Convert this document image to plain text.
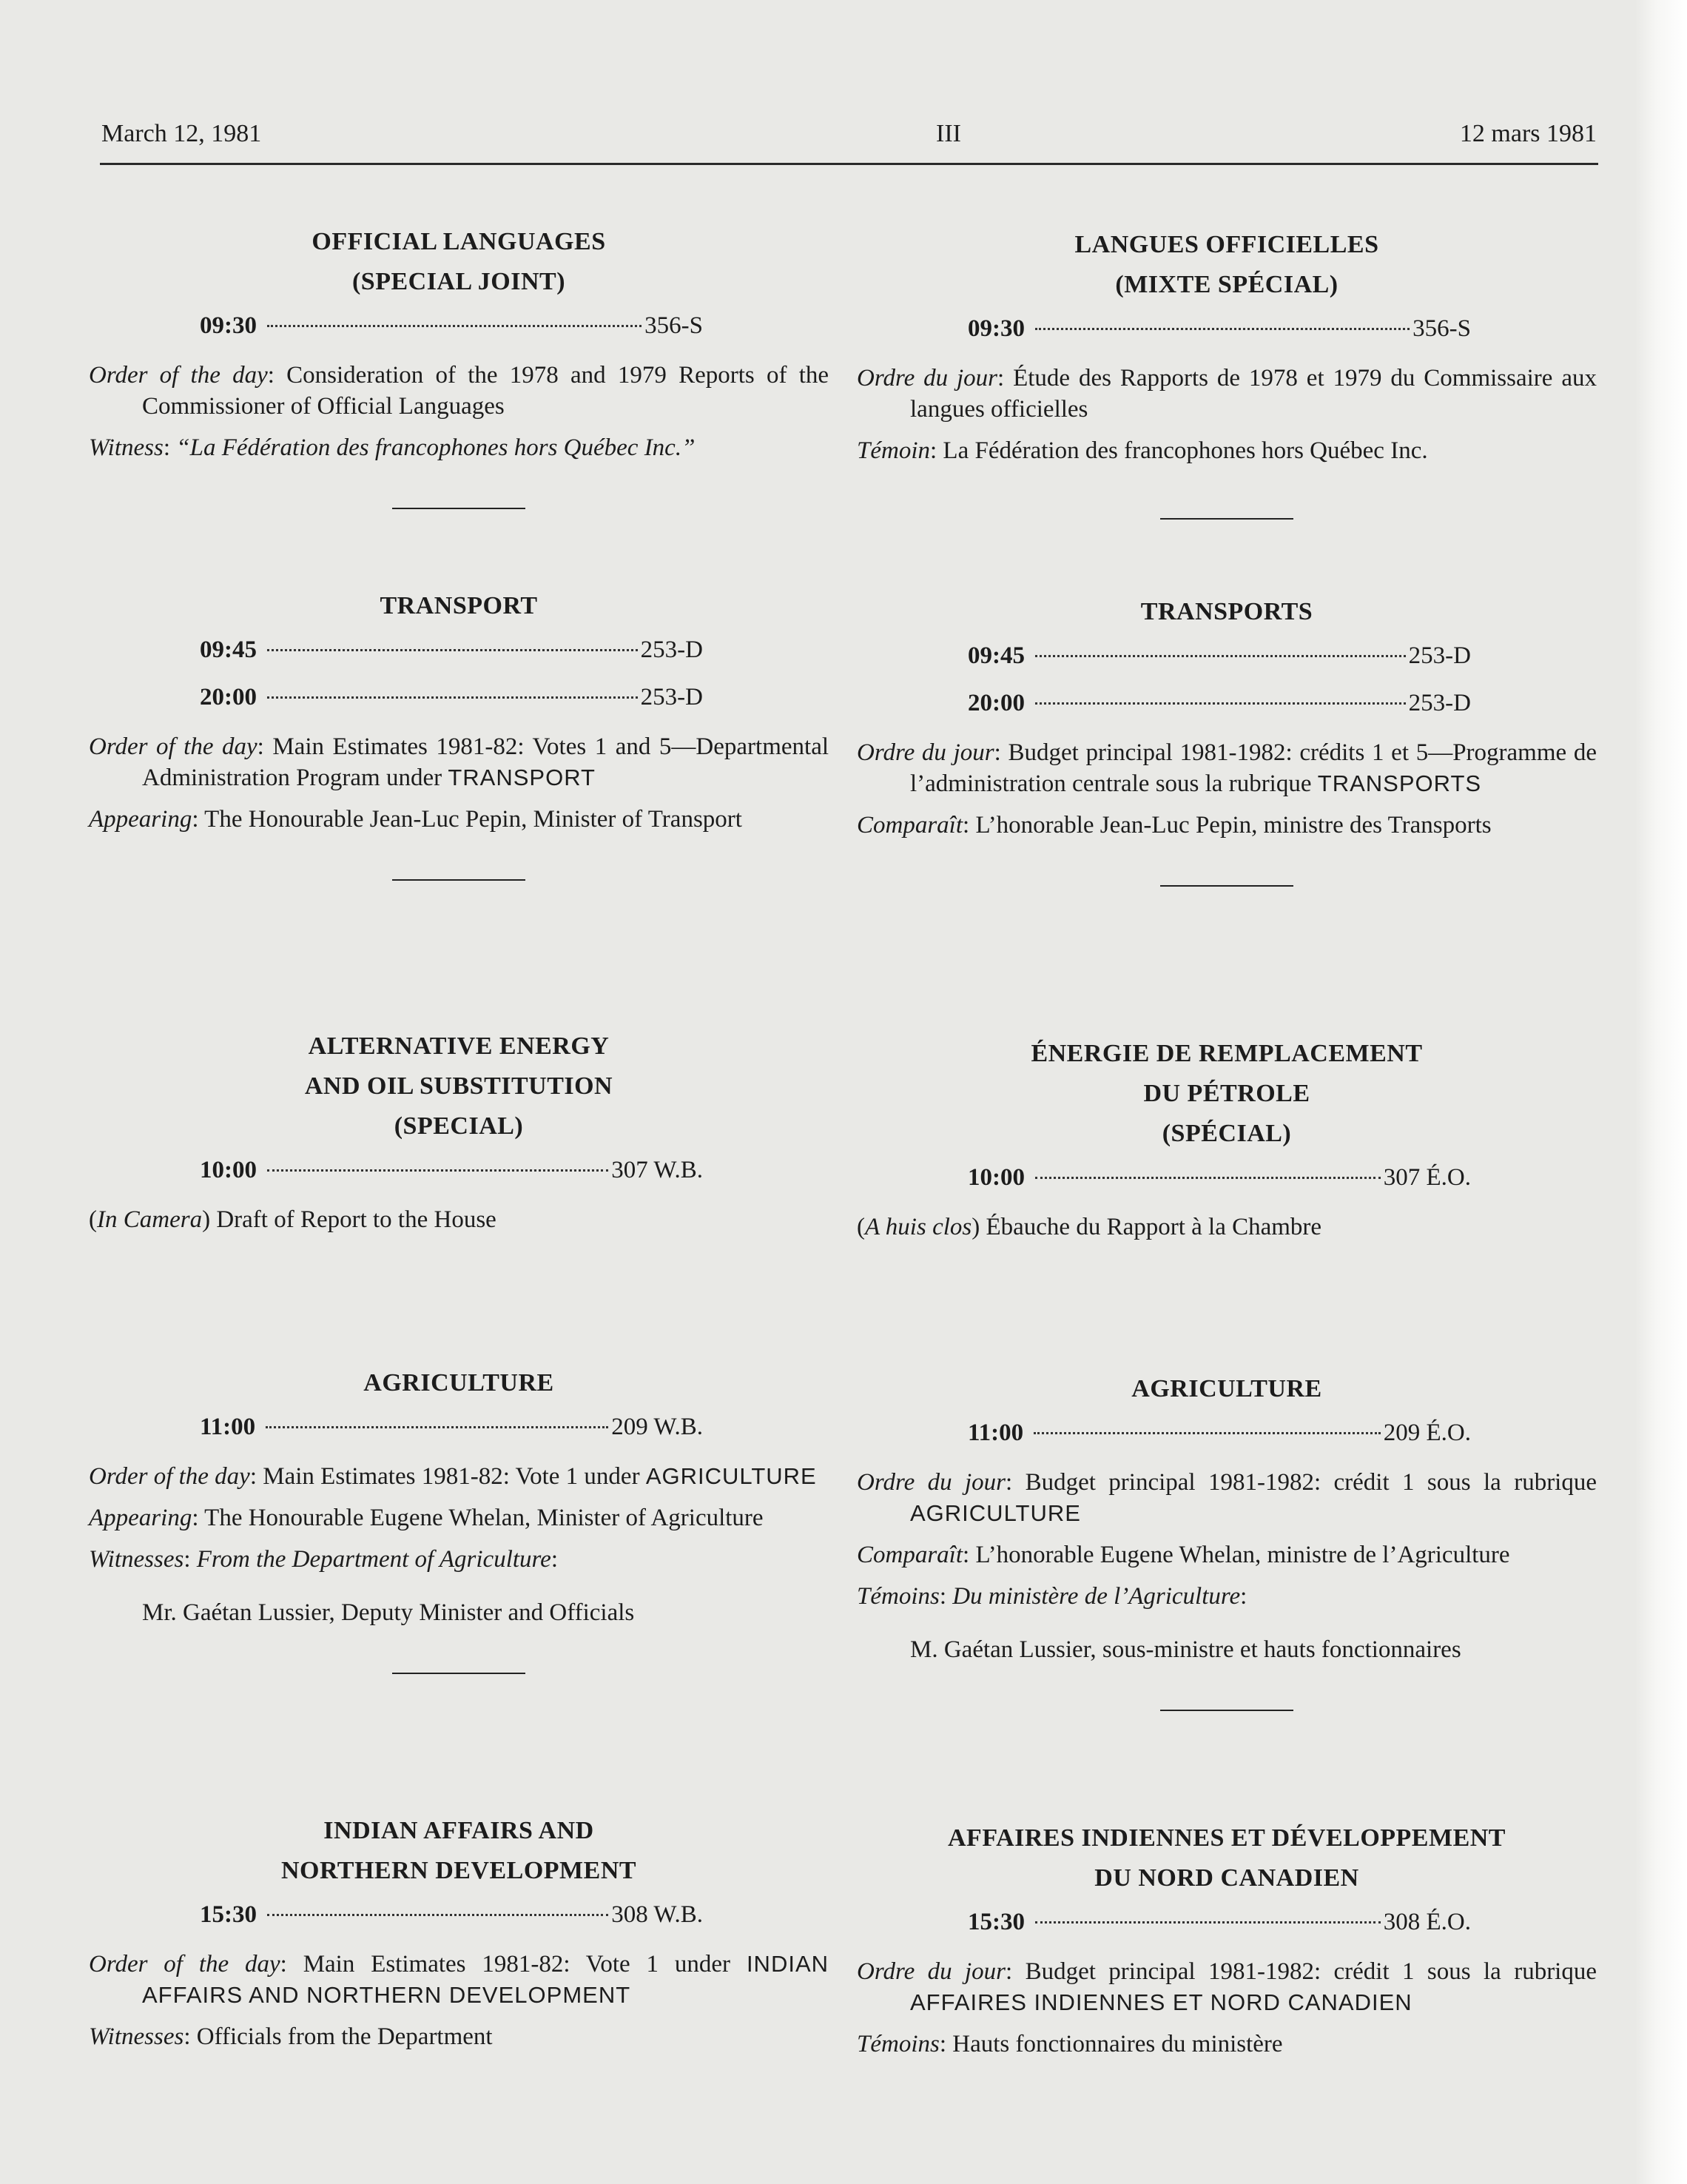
March 12, 1981	III	12 mars 1981
OFFICIAL LANGUAGES
(SPECIAL JOINT)
09:30	356-S
Order of the day: Consideration of the 1978 and 1979 Reports of the Commissioner of Official Languages
Witness: “La Fédération des francophones hors Québec Inc.”
TRANSPORT
09:45	253-D
20:00	253-D
Order of the day: Main Estimates 1981-82: Votes 1 and 5—Departmental Administration Program under TRANSPORT
Appearing: The Honourable Jean-Luc Pepin, Minister of Transport
ALTERNATIVE ENERGY
AND OIL SUBSTITUTION
(SPECIAL)
10:00	307 W.B.
(In Camera) Draft of Report to the House
AGRICULTURE
11:00	209 W.B.
Order of the day: Main Estimates 1981-82: Vote 1 under AGRICULTURE
Appearing: The Honourable Eugene Whelan, Minister of Agriculture
Witnesses: From the Department of Agriculture:
Mr. Gaétan Lussier, Deputy Minister and Officials
INDIAN AFFAIRS AND
NORTHERN DEVELOPMENT
15:30	308 W.B.
Order of the day: Main Estimates 1981-82: Vote 1 under INDIAN AFFAIRS AND NORTHERN DEVELOPMENT
Witnesses: Officials from the Department
LANGUES OFFICIELLES
(MIXTE SPÉCIAL)
09:30	356-S
Ordre du jour: Étude des Rapports de 1978 et 1979 du Commissaire aux langues officielles
Témoin: La Fédération des francophones hors Québec Inc.
TRANSPORTS
09:45	253-D
20:00	253-D
Ordre du jour: Budget principal 1981-1982: crédits 1 et 5—Programme de l’administration centrale sous la rubrique TRANSPORTS
Comparaît: L’honorable Jean-Luc Pepin, ministre des Transports
ÉNERGIE DE REMPLACEMENT
DU PÉTROLE
(SPÉCIAL)
10:00	307 É.O.
(A huis clos) Ébauche du Rapport à la Chambre
AGRICULTURE
11:00	209 É.O.
Ordre du jour: Budget principal 1981-1982: crédit 1 sous la rubrique AGRICULTURE
Comparaît: L’honorable Eugene Whelan, ministre de l’Agriculture
Témoins: Du ministère de l’Agriculture:
M. Gaétan Lussier, sous-ministre et hauts fonctionnaires
AFFAIRES INDIENNES ET DÉVELOPPEMENT
DU NORD CANADIEN
15:30	308 É.O.
Ordre du jour: Budget principal 1981-1982: crédit 1 sous la rubrique AFFAIRES INDIENNES ET NORD CANADIEN
Témoins: Hauts fonctionnaires du ministère
